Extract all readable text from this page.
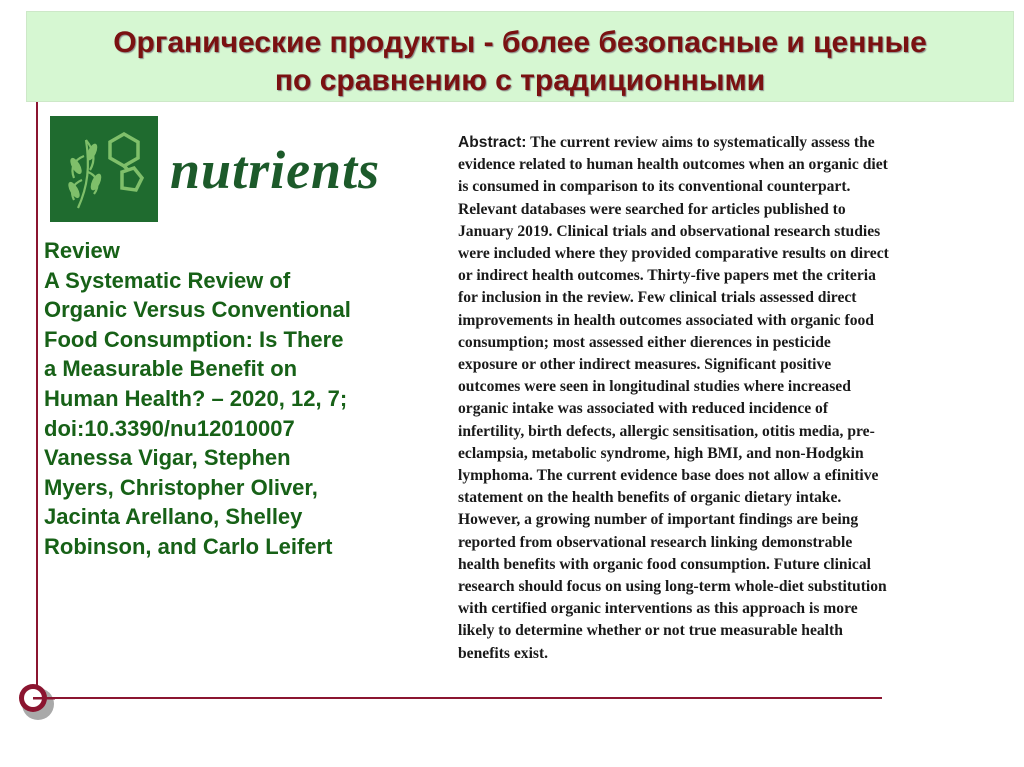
Органические продукты - более безопасные и ценные
по сравнению с традиционными
nutrients
Review
A Systematic Review of
Organic Versus Conventional
Food Consumption: Is There
a Measurable Benefit on
Human Health? – 2020, 12, 7;
doi:10.3390/nu12010007
Vanessa Vigar, Stephen
Myers, Christopher Oliver,
Jacinta Arellano, Shelley
Robinson, and Carlo Leifert
Abstract: The current review aims to systematically assess the
evidence related to human health outcomes when an organic diet
is consumed in comparison to its conventional counterpart.
Relevant databases were searched for articles published to
January 2019. Clinical trials and observational research studies
were included where they provided comparative results on direct
or indirect health outcomes. Thirty-five papers met the criteria
for inclusion in the review. Few clinical trials assessed direct
improvements in health outcomes associated with organic food
consumption; most assessed either dierences in pesticide
exposure or other indirect measures. Significant positive
outcomes were seen in longitudinal studies where increased
organic intake was associated with reduced incidence of
infertility, birth defects, allergic sensitisation, otitis media, pre-
eclampsia, metabolic syndrome, high BMI, and non-Hodgkin
lymphoma. The current evidence base does not allow a efinitive
statement on the health benefits of organic dietary intake.
However, a growing number of important findings are being
reported from observational research linking demonstrable
health benefits with organic food consumption. Future clinical
research should focus on using long-term whole-diet substitution
with certified organic interventions as this approach is more
likely to determine whether or not true measurable health
benefits exist.
